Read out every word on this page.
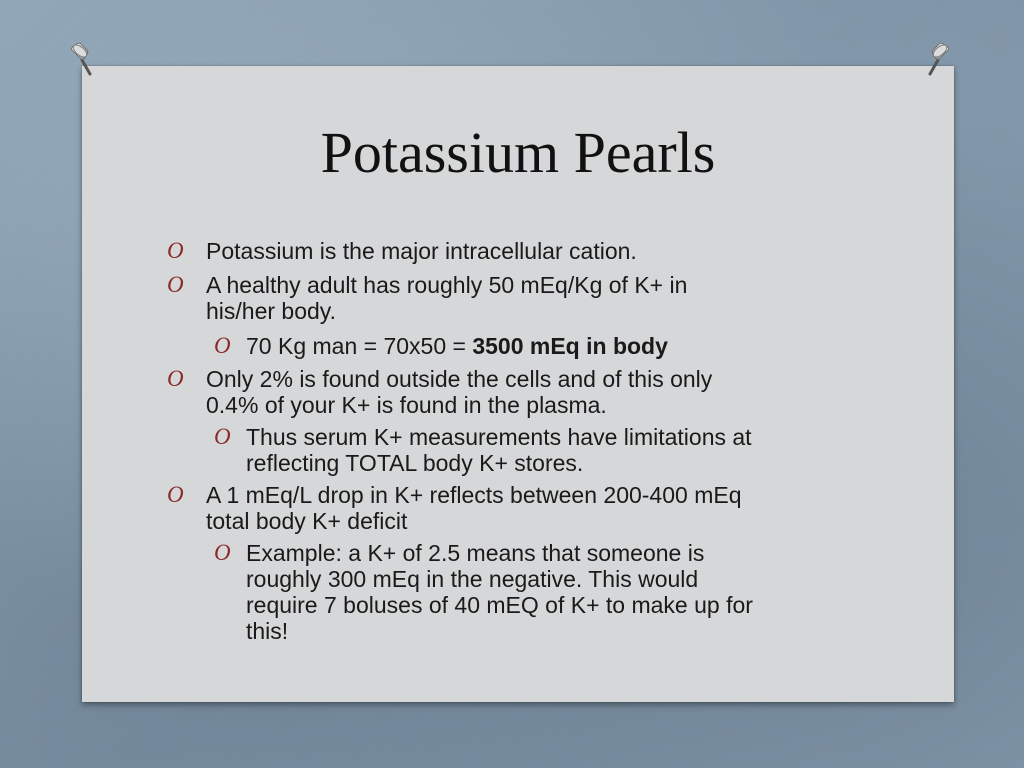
Potassium Pearls
O Potassium is the major intracellular cation.
O A healthy adult has roughly 50 mEq/Kg of K+ in
his/her body.
O 70 Kg man = 70x50 = 3500 mEq in body
O Only 2% is found outside the cells and of this only
0.4% of your K+ is found in the plasma.
O Thus serum K+ measurements have limitations at
reflecting TOTAL body K+ stores.
O A 1 mEq/L drop in K+ reflects between 200-400 mEq
total body K+ deficit
O Example: a K+ of 2.5 means that someone is
roughly 300 mEq in the negative. This would
require 7 boluses of 40 mEQ of K+ to make up for
this!
